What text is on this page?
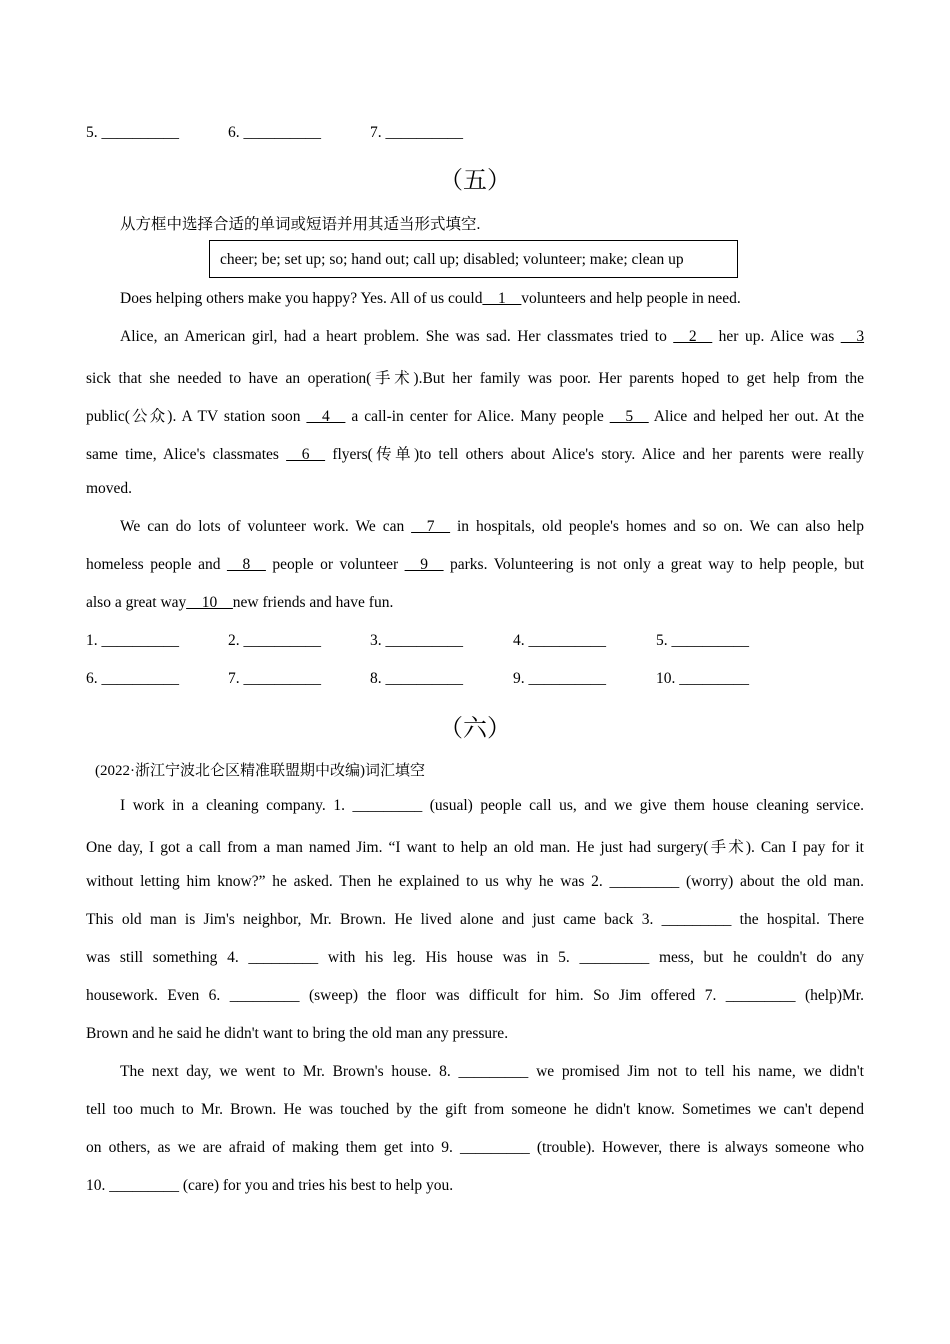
5. __________	6. __________	7. __________
（五）
从方框中选择合适的单词或短语并用其适当形式填空.
cheer; be; set up; so; hand out; call up; disabled; volunteer; make; clean up
Does helping others make you happy? Yes. All of us could__1__volunteers and help people in need.
Alice, an American girl, had a heart problem. She was sad. Her classmates tried to __2__ her up. Alice was __3
sick that she needed to have an operation(手术).But her family was poor. Her parents hoped to get help from the
public(公众). A TV station soon __4__ a call-in center for Alice. Many people __5__ Alice and helped her out. At the
same time, Alice's classmates __6__ flyers(传单)to tell others about Alice's story. Alice and her parents were really
moved.
We can do lots of volunteer work. We can __7__ in hospitals, old people's homes and so on. We can also help
homeless people and __8__ people or volunteer __9__ parks. Volunteering is not only a great way to help people, but
also a great way__10__new friends and have fun.
1. __________	2. __________	3. __________	4. __________	5. __________
6. __________	7. __________	8. __________	9. __________	10. _________
（六）
(2022·浙江宁波北仑区精准联盟期中改编)词汇填空
I work in a cleaning company. 1. _________ (usual) people call us, and we give them house cleaning service.
One day, I got a call from a man named Jim. “I want to help an old man. He just had surgery(手术). Can I pay for it
without letting him know?” he asked. Then he explained to us why he was 2. _________ (worry) about the old man.
This old man is Jim's neighbor, Mr. Brown. He lived alone and just came back 3. _________ the hospital. There
was still something 4. _________ with his leg. His house was in 5. _________ mess, but he couldn't do any
housework. Even 6. _________ (sweep) the floor was difficult for him. So Jim offered 7. _________ (help)Mr.
Brown and he said he didn't want to bring the old man any pressure.
The next day, we went to Mr. Brown's house. 8. _________ we promised Jim not to tell his name, we didn't
tell too much to Mr. Brown. He was touched by the gift from someone he didn't know. Sometimes we can't depend
on others, as we are afraid of making them get into 9. _________ (trouble). However, there is always someone who
10. _________ (care) for you and tries his best to help you.
